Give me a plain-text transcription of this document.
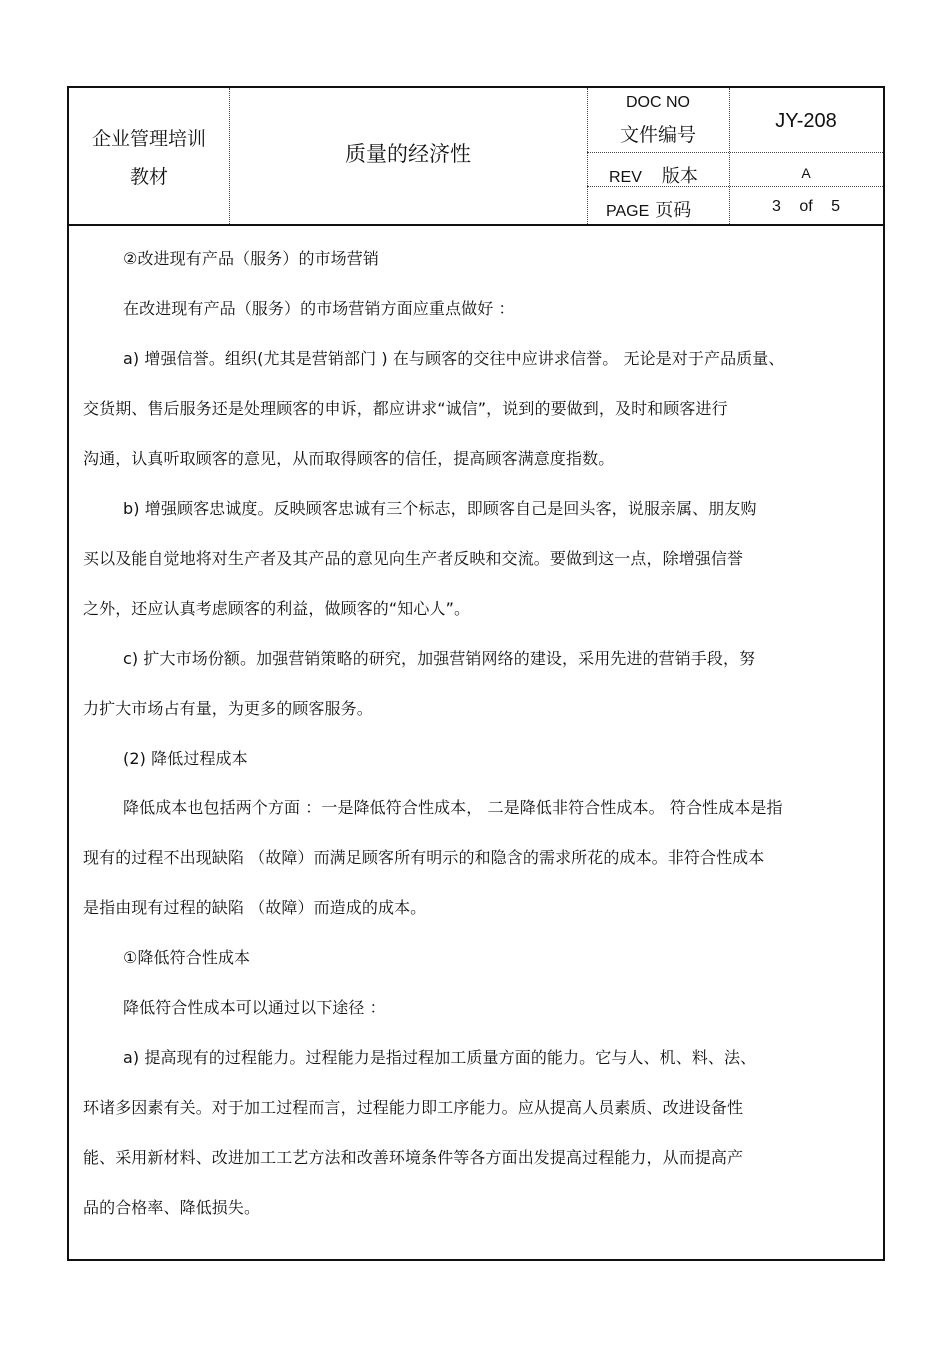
企业管理培训
教材
质量的经济性
DOC NO
文件编号
JY-208
REV 版本	A
PAGE 页码	3 of 5
②改进现有产品（服务）的市场营销
在改进现有产品（服务）的市场营销方面应重点做好 ：
a) 增强信誉。组织(尤其是营销部门 ) 在与顾客的交往中应讲求信誉。 无论是对于产品质量、
交货期、售后服务还是处理顾客的申诉，都应讲求“诚信”，说到的要做到，及时和顾客进行
沟通，认真听取顾客的意见，从而取得顾客的信任，提高顾客满意度指数。
b) 增强顾客忠诚度。反映顾客忠诚有三个标志，即顾客自己是回头客，说服亲属、朋友购
买以及能自觉地将对生产者及其产品的意见向生产者反映和交流。要做到这一点，除增强信誉
之外，还应认真考虑顾客的利益，做顾客的“知心人”。
c) 扩大市场份额。加强营销策略的研究，加强营销网络的建设，采用先进的营销手段，努
力扩大市场占有量，为更多的顾客服务。
(2) 降低过程成本
降低成本也包括两个方面 ：一是降低符合性成本， 二是降低非符合性成本。 符合性成本是指
现有的过程不出现缺陷 （故障）而满足顾客所有明示的和隐含的需求所花的成本。非符合性成本
是指由现有过程的缺陷 （故障）而造成的成本。
①降低符合性成本
降低符合性成本可以通过以下途径 ：
a) 提高现有的过程能力。过程能力是指过程加工质量方面的能力。它与人、机、料、法、
环诸多因素有关。对于加工过程而言，过程能力即工序能力。应从提高人员素质、改进设备性
能、采用新材料、改进加工工艺方法和改善环境条件等各方面出发提高过程能力，从而提高产
品的合格率、降低损失。
